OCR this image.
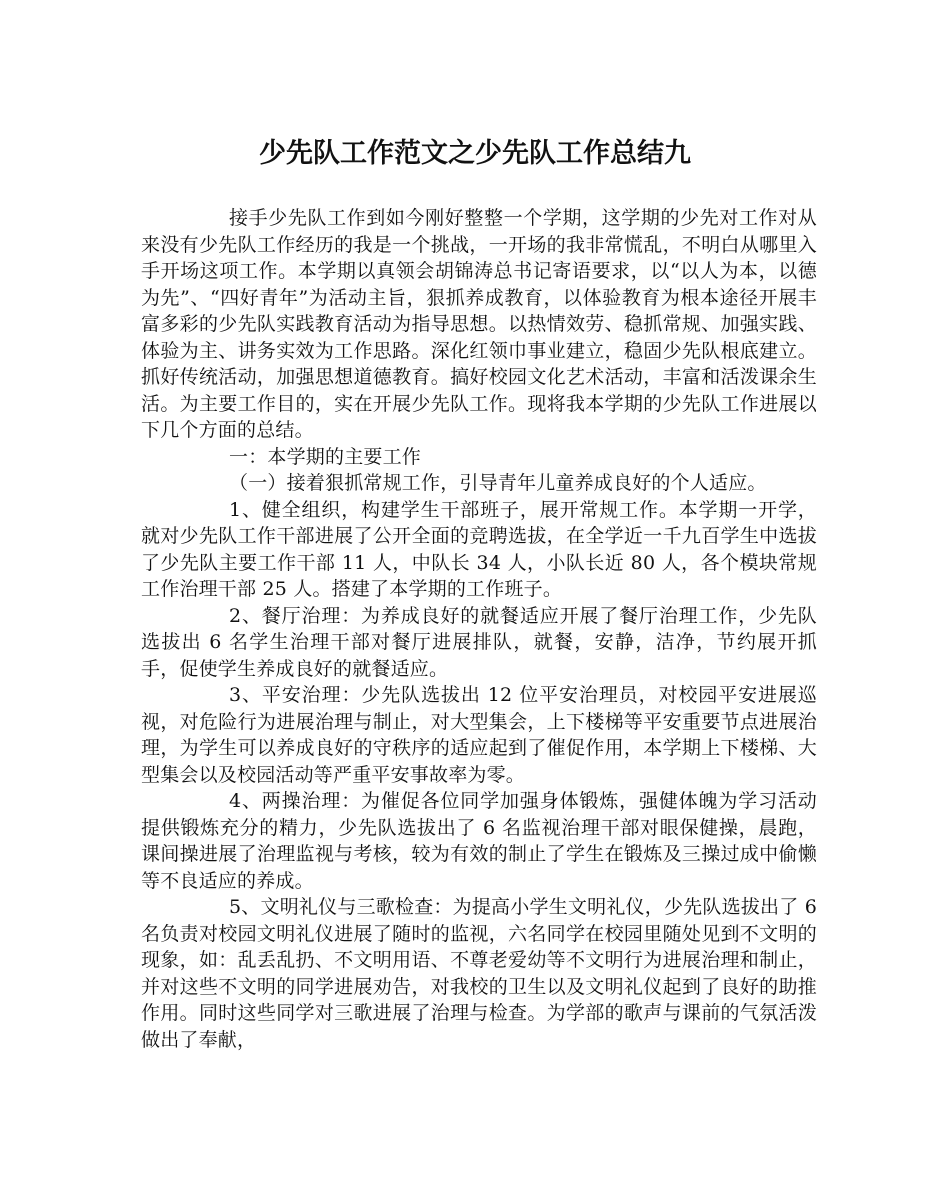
少先队工作范文之少先队工作总结九

接手少先队工作到如今刚好整整一个学期，这学期的少先对工作对从来没有少先队工作经历的我是一个挑战，一开场的我非常慌乱，不明白从哪里入手开场这项工作。本学期以真领会胡锦涛总书记寄语要求，以“以人为本，以德为先”、“四好青年”为活动主旨，狠抓养成教育，以体验教育为根本途径开展丰富多彩的少先队实践教育活动为指导思想。以热情效劳、稳抓常规、加强实践、体验为主、讲务实效为工作思路。深化红领巾事业建立，稳固少先队根底建立。抓好传统活动，加强思想道德教育。搞好校园文化艺术活动，丰富和活泼课余生活。为主要工作目的，实在开展少先队工作。现将我本学期的少先队工作进展以下几个方面的总结。

一：本学期的主要工作

（一）接着狠抓常规工作，引导青年儿童养成良好的个人适应。

1、健全组织，构建学生干部班子，展开常规工作。本学期一开学，就对少先队工作干部进展了公开全面的竞聘选拔，在全学近一千九百学生中选拔了少先队主要工作干部 11 人，中队长 34 人，小队长近 80 人，各个模块常规工作治理干部 25 人。搭建了本学期的工作班子。

2、餐厅治理：为养成良好的就餐适应开展了餐厅治理工作，少先队选拔出 6 名学生治理干部对餐厅进展排队，就餐，安静，洁净，节约展开抓手，促使学生养成良好的就餐适应。

3、平安治理：少先队选拔出 12 位平安治理员，对校园平安进展巡视，对危险行为进展治理与制止，对大型集会，上下楼梯等平安重要节点进展治理，为学生可以养成良好的守秩序的适应起到了催促作用，本学期上下楼梯、大型集会以及校园活动等严重平安事故率为零。

4、两操治理：为催促各位同学加强身体锻炼，强健体魄为学习活动提供锻炼充分的精力，少先队选拔出了 6 名监视治理干部对眼保健操，晨跑，课间操进展了治理监视与考核，较为有效的制止了学生在锻炼及三操过成中偷懒等不良适应的养成。

5、文明礼仪与三歌检查：为提高小学生文明礼仪，少先队选拔出了 6 名负责对校园文明礼仪进展了随时的监视，六名同学在校园里随处见到不文明的现象，如：乱丢乱扔、不文明用语、不尊老爱幼等不文明行为进展治理和制止，并对这些不文明的同学进展劝告，对我校的卫生以及文明礼仪起到了良好的助推作用。同时这些同学对三歌进展了治理与检查。为学部的歌声与课前的气氛活泼做出了奉献，
